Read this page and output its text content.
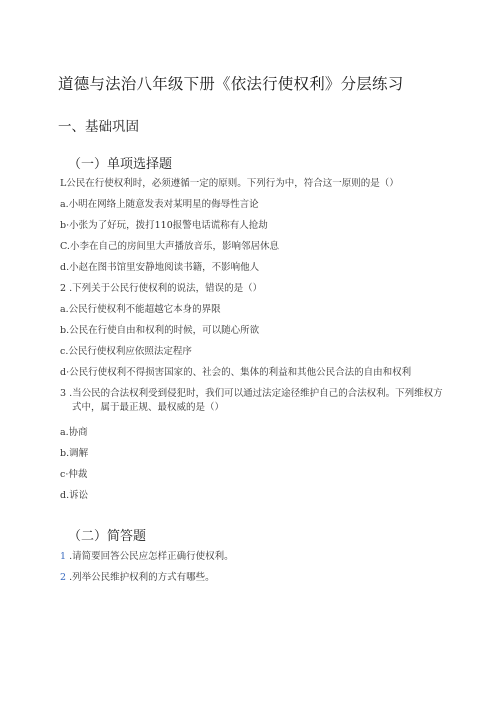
道德与法治八年级下册《依法行使权利》分层练习
一、基础巩固
（一）单项选择题
L公民在行使权利时，必须遵循一定的原则。下列行为中，符合这一原则的是（）
a.小明在网络上随意发表对某明星的侮辱性言论
b·小张为了好玩，拨打110报警电话谎称有人抢劫
C.小李在自己的房间里大声播放音乐，影响邻居休息
d.小赵在图书馆里安静地阅读书籍，不影响他人
2 .下列关于公民行使权利的说法，错误的是（）
a.公民行使权利不能超越它本身的界限
b.公民在行使自由和权利的时候，可以随心所欲
c.公民行使权利应依照法定程序
d·公民行使权利不得损害国家的、社会的、集体的利益和其他公民合法的自由和权利
3 .当公民的合法权利受到侵犯时，我们可以通过法定途径维护自己的合法权利。下列维权方
式中，属于最正规、最权威的是（）
a.协商
b.调解
c·仲裁
d.诉讼
（二）简答题
1 .请简要回答公民应怎样正确行使权利。
2 .列举公民维护权利的方式有哪些。
